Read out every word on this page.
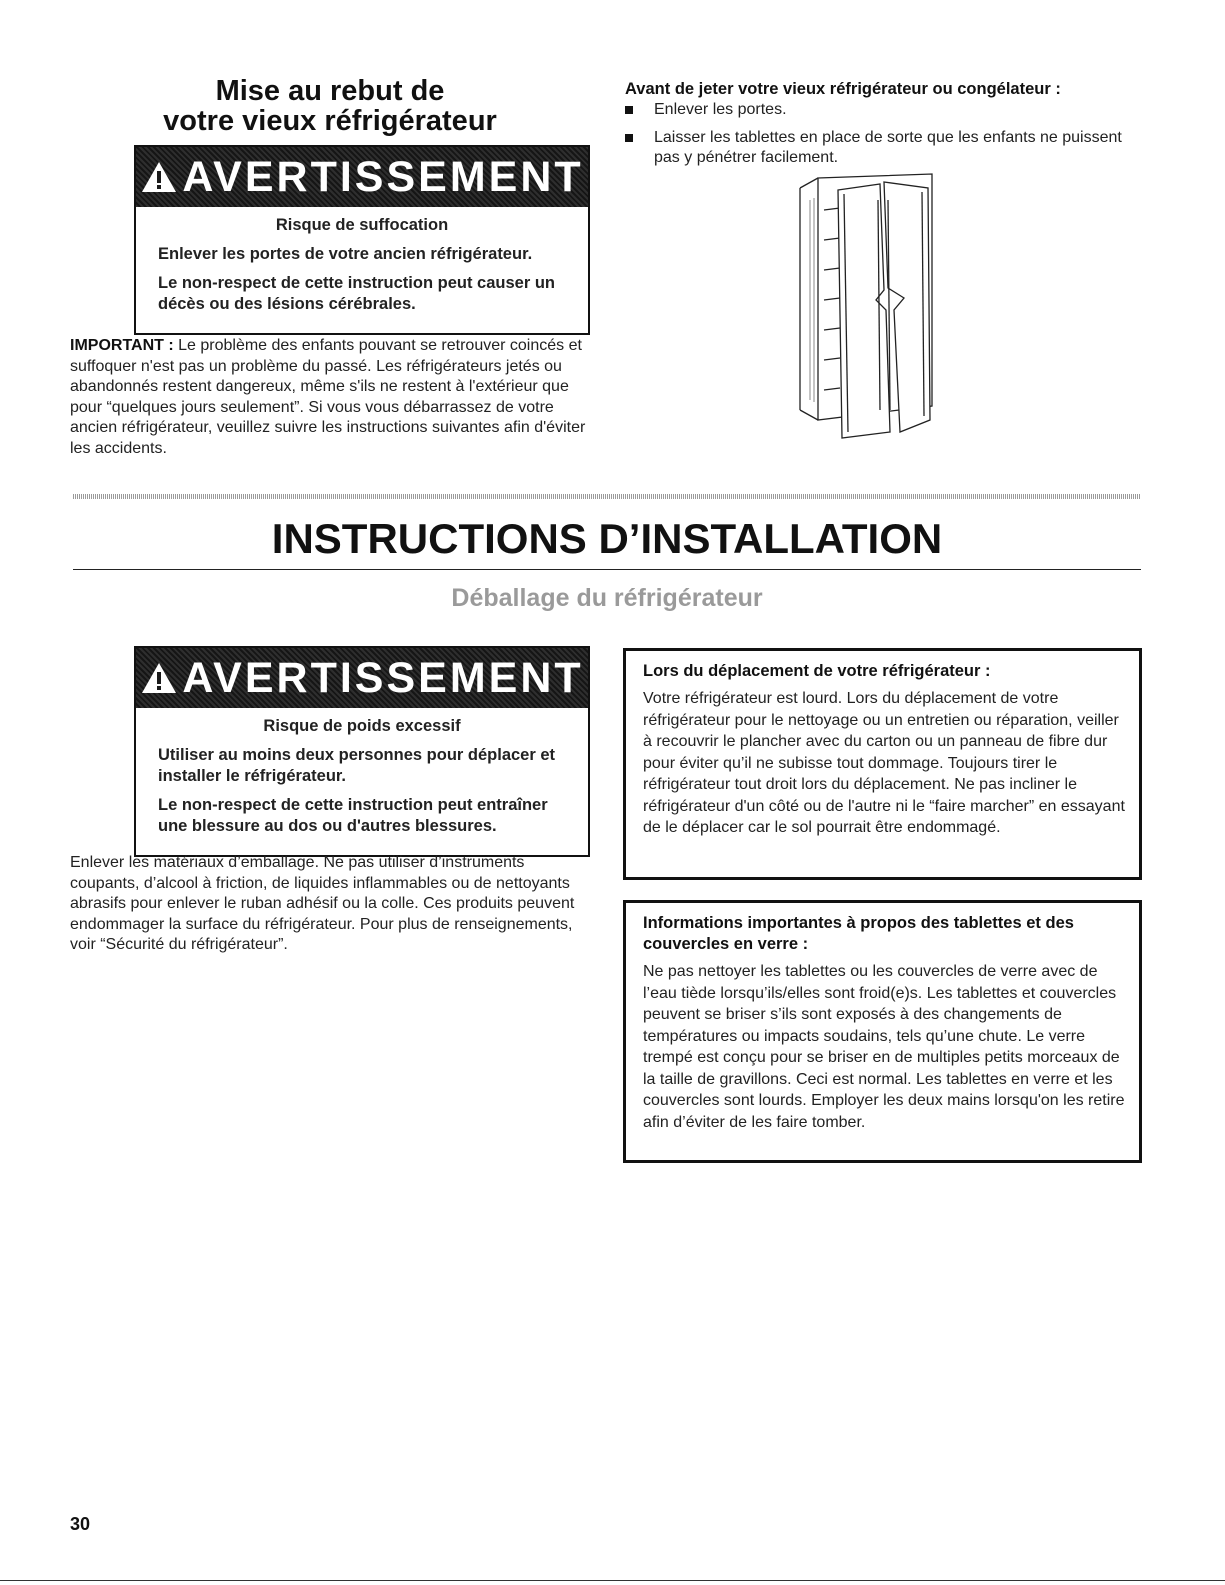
Mise au rebut de
votre vieux réfrigérateur
AVERTISSEMENT
Risque de suffocation

Enlever les portes de votre ancien réfrigérateur.

Le non-respect de cette instruction peut causer un décès ou des lésions cérébrales.

IMPORTANT : Le problème des enfants pouvant se retrouver coincés et suffoquer n'est pas un problème du passé. Les réfrigérateurs jetés ou abandonnés restent dangereux, même s'ils ne restent à l'extérieur que pour “quelques jours seulement”. Si vous vous débarrassez de votre ancien réfrigérateur, veuillez suivre les instructions suivantes afin d'éviter les accidents.
Avant de jeter votre vieux réfrigérateur ou congélateur :
Enlever les portes.
Laisser les tablettes en place de sorte que les enfants ne puissent pas y pénétrer facilement.
INSTRUCTIONS D’INSTALLATION
Déballage du réfrigérateur
AVERTISSEMENT
Risque de poids excessif

Utiliser au moins deux personnes pour déplacer et installer le réfrigérateur.

Le non-respect de cette instruction peut entraîner une blessure au dos ou d'autres blessures.

Enlever les matériaux d’emballage. Ne pas utiliser d’instruments coupants, d’alcool à friction, de liquides inflammables ou de nettoyants abrasifs pour enlever le ruban adhésif ou la colle. Ces produits peuvent endommager la surface du réfrigérateur. Pour plus de renseignements, voir “Sécurité du réfrigérateur”.
Lors du déplacement de votre réfrigérateur :

Votre réfrigérateur est lourd. Lors du déplacement de votre réfrigérateur pour le nettoyage ou un entretien ou réparation, veiller à recouvrir le plancher avec du carton ou un panneau de fibre dur pour éviter qu’il ne subisse tout dommage. Toujours tirer le réfrigérateur tout droit lors du déplacement. Ne pas incliner le réfrigérateur d'un côté ou de l'autre ni le “faire marcher” en essayant de le déplacer car le sol pourrait être endommagé.

Informations importantes à propos des tablettes et des couvercles en verre :

Ne pas nettoyer les tablettes ou les couvercles de verre avec de l’eau tiède lorsqu’ils/elles sont froid(e)s. Les tablettes et couvercles peuvent se briser s’ils sont exposés à des changements de températures ou impacts soudains, tels qu’une chute. Le verre trempé est conçu pour se briser en de multiples petits morceaux de la taille de gravillons. Ceci est normal. Les tablettes en verre et les couvercles sont lourds. Employer les deux mains lorsqu'on les retire afin d’éviter de les faire tomber.

30
